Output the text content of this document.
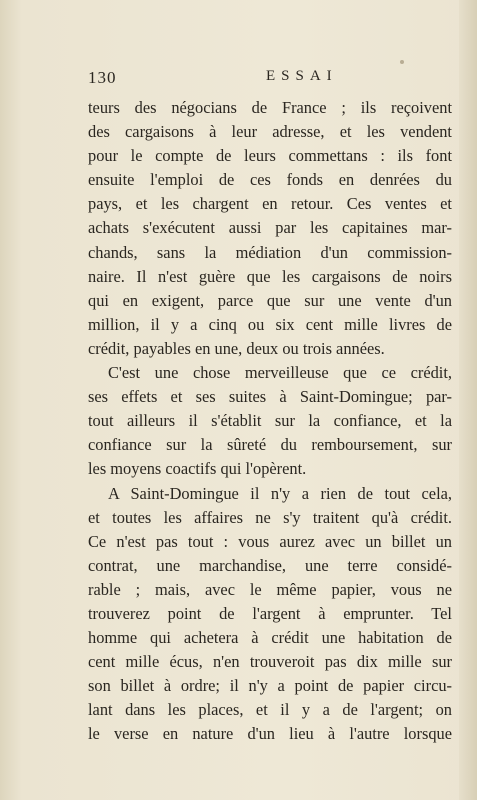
130	ESSAI
teurs des négocians de France ; ils reçoivent
des cargaisons à leur adresse, et les vendent
pour le compte de leurs commettans : ils font
ensuite l'emploi de ces fonds en denrées du
pays, et les chargent en retour. Ces ventes et
achats s'exécutent aussi par les capitaines mar-
chands, sans la médiation d'un commission-
naire. Il n'est guère que les cargaisons de noirs
qui en exigent, parce que sur une vente d'un
million, il y a cinq ou six cent mille livres de
crédit, payables en une, deux ou trois années.
C'est une chose merveilleuse que ce crédit,
ses effets et ses suites à Saint-Domingue; par-
tout ailleurs il s'établit sur la confiance, et la
confiance sur la sûreté du remboursement, sur
les moyens coactifs qui l'opèrent.
A Saint-Domingue il n'y a rien de tout cela,
et toutes les affaires ne s'y traitent qu'à crédit.
Ce n'est pas tout : vous aurez avec un billet un
contrat, une marchandise, une terre considé-
rable ; mais, avec le même papier, vous ne
trouverez point de l'argent à emprunter. Tel
homme qui achetera à crédit une habitation de
cent mille écus, n'en trouveroit pas dix mille sur
son billet à ordre; il n'y a point de papier circu-
lant dans les places, et il y a de l'argent; on
le verse en nature d'un lieu à l'autre lorsque
